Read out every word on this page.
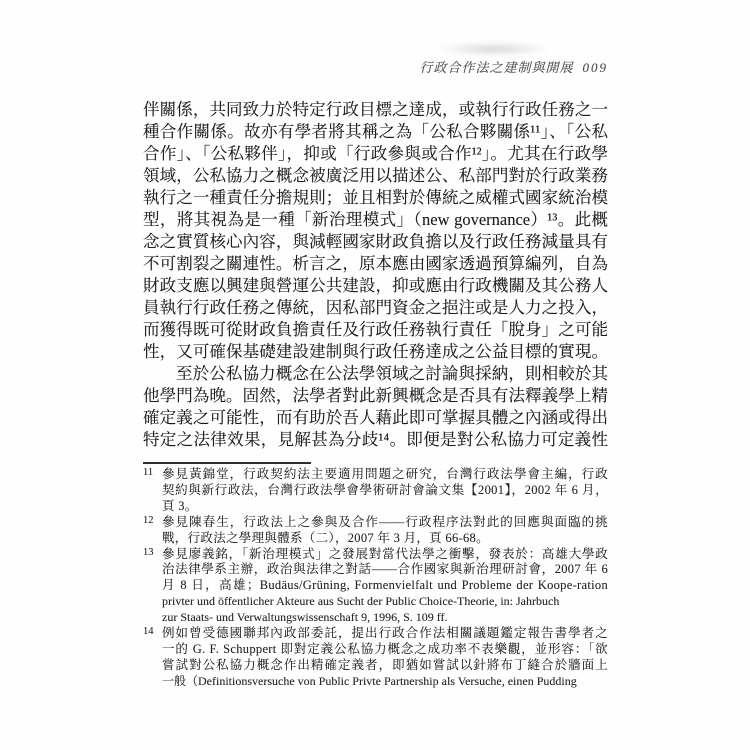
行政合作法之建制與開展 009
伴關係，共同致力於特定行政目標之達成，或執行行政任務之一
種合作關係。故亦有學者將其稱之為「公私合夥關係¹¹」、「公私
合作」、「公私夥伴」，抑或「行政參與或合作¹²」。尤其在行政學
領域，公私協力之概念被廣泛用以描述公、私部門對於行政業務
執行之一種責任分擔規則；並且相對於傳統之威權式國家統治模
型，將其視為是一種「新治理模式」（new governance）¹³。此概
念之實質核心內容，與減輕國家財政負擔以及行政任務減量具有
不可割裂之關連性。析言之，原本應由國家透過預算編列，自為
財政支應以興建與營運公共建設，抑或應由行政機關及其公務人
員執行行政任務之傳統，因私部門資金之挹注或是人力之投入，
而獲得既可從財政負擔責任及行政任務執行責任「脫身」之可能
性，又可確保基礎建設建制與行政任務達成之公益目標的實現。
至於公私協力概念在公法學領域之討論與採納，則相較於其
他學門為晚。固然，法學者對此新興概念是否具有法釋義學上精
確定義之可能性，而有助於吾人藉此即可掌握具體之內涵或得出
特定之法律效果，見解甚為分歧¹⁴。即便是對公私協力可定義性
11 參見黃錦堂，行政契約法主要適用問題之研究，台灣行政法學會主編，行政
契約與新行政法，台灣行政法學會學術研討會論文集【2001】，2002 年 6 月，
頁 3。
12 參見陳春生，行政法上之參與及合作——行政程序法對此的回應與面臨的挑
戰，行政法之學理與體系（二），2007 年 3 月，頁 66-68。
13 參見廖義銘，「新治理模式」之發展對當代法學之衝擊，發表於：高雄大學政
治法律學系主辦，政治與法律之對話——合作國家與新治理研討會，2007 年 6
月 8 日，高雄；Budäus/Grüning, Formenvielfalt und Probleme der Koope-ration
privter und öffentlicher Akteure aus Sucht der Public Choice-Theorie, in: Jahrbuch
zur Staats- und Verwaltungswissenschaft 9, 1996, S. 109 ff.
14 例如曾受德國聯邦內政部委託，提出行政合作法相關議題鑑定報告書學者之
一的 G. F. Schuppert 即對定義公私協力概念之成功率不表樂觀，並形容：「欲
嘗試對公私協力概念作出精確定義者，即猶如嘗試以針將布丁縫合於牆面上
一般（Definitionsversuche von Public Privte Partnership als Versuche, einen Pudding
